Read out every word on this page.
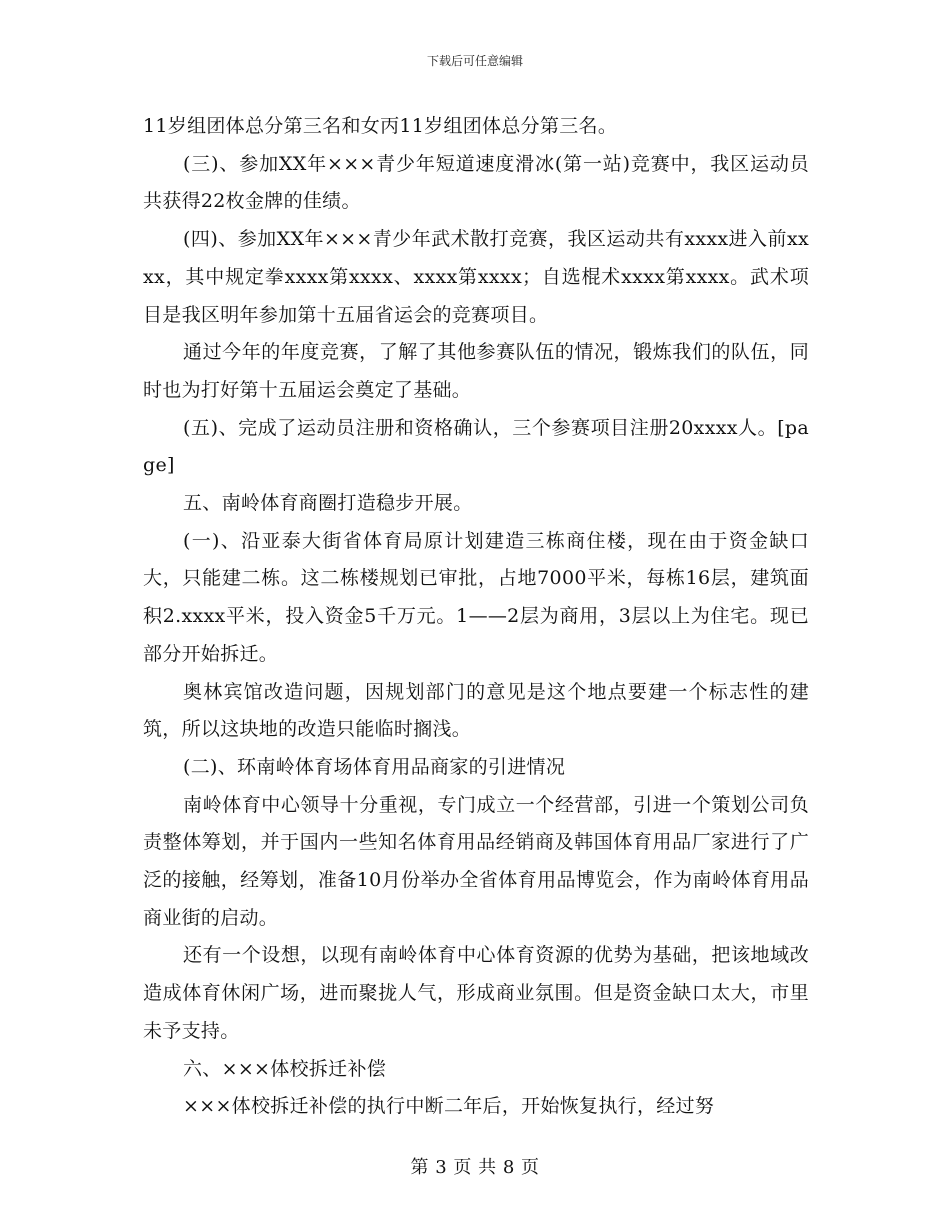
下载后可任意编辑

11岁组团体总分第三名和女丙11岁组团体总分第三名。

(三)、参加XX年×××青少年短道速度滑冰(第一站)竞赛中，我区运动员共获得22枚金牌的佳绩。

(四)、参加XX年×××青少年武术散打竞赛，我区运动共有xxxx进入前xxxx，其中规定拳xxxx第xxxx、xxxx第xxxx；自选棍术xxxx第xxxx。武术项目是我区明年参加第十五届省运会的竞赛项目。

通过今年的年度竞赛，了解了其他参赛队伍的情况，锻炼我们的队伍，同时也为打好第十五届运会奠定了基础。

(五)、完成了运动员注册和资格确认，三个参赛项目注册20xxxx人。[page]

五、南岭体育商圈打造稳步开展。

(一)、沿亚泰大街省体育局原计划建造三栋商住楼，现在由于资金缺口大，只能建二栋。这二栋楼规划已审批，占地7000平米，每栋16层，建筑面积2.xxxx平米，投入资金5千万元。1——2层为商用，3层以上为住宅。现已部分开始拆迁。

奥林宾馆改造问题，因规划部门的意见是这个地点要建一个标志性的建筑，所以这块地的改造只能临时搁浅。

(二)、环南岭体育场体育用品商家的引进情况

南岭体育中心领导十分重视，专门成立一个经营部，引进一个策划公司负责整体筹划，并于国内一些知名体育用品经销商及韩国体育用品厂家进行了广泛的接触，经筹划，准备10月份举办全省体育用品博览会，作为南岭体育用品商业街的启动。

还有一个设想，以现有南岭体育中心体育资源的优势为基础，把该地域改造成体育休闲广场，进而聚拢人气，形成商业氛围。但是资金缺口太大，市里未予支持。

六、×××体校拆迁补偿

×××体校拆迁补偿的执行中断二年后，开始恢复执行，经过努

第 3 页 共 8 页
